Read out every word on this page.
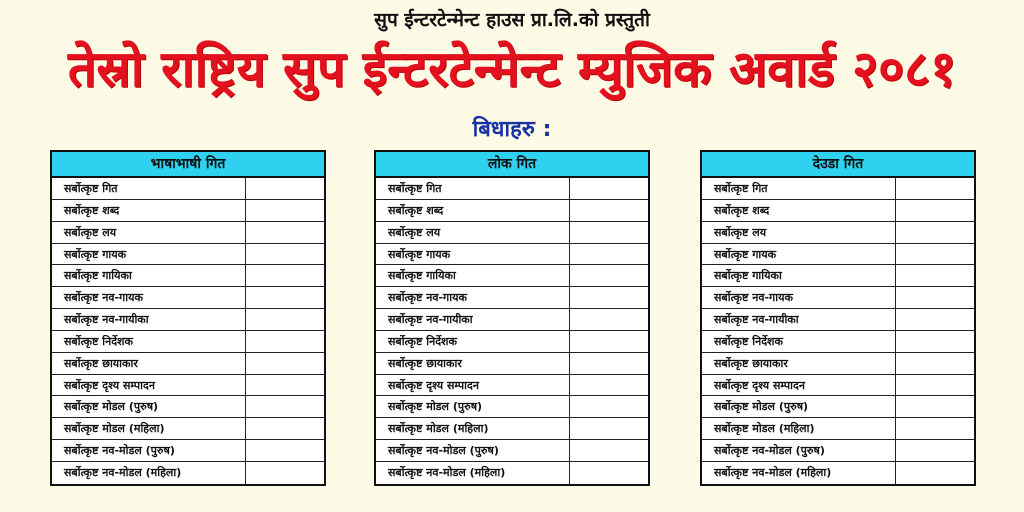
सुप ईन्टरटेन्मेन्ट हाउस प्रा.लि.को प्रस्तुती
तेस्रो राष्ट्रिय सुप ईन्टरटेन्मेन्ट म्युजिक अवार्ड २०८१
बिधाहरु :
भाषाभाषी गित
सर्बोत्कृष्ट गित
सर्बोत्कृष्ट शब्द
सर्बोत्कृष्ट लय
सर्बोत्कृष्ट गायक
सर्बोत्कृष्ट गायिका
सर्बोत्कृष्ट नव-गायक
सर्बोत्कृष्ट नव-गायीका
सर्बोत्कृष्ट निर्देशक
सर्बोत्कृष्ट छायाकार
सर्बोत्कृष्ट दृश्य सम्पादन
सर्बोत्कृष्ट मोडल (पुरुष)
सर्बोत्कृष्ट मोडल (महिला)
सर्बोत्कृष्ट नव-मोडल (पुरुष)
सर्बोत्कृष्ट नव-मोडल (महिला)
लोक गित
सर्बोत्कृष्ट गित
सर्बोत्कृष्ट शब्द
सर्बोत्कृष्ट लय
सर्बोत्कृष्ट गायक
सर्बोत्कृष्ट गायिका
सर्बोत्कृष्ट नव-गायक
सर्बोत्कृष्ट नव-गायीका
सर्बोत्कृष्ट निर्देशक
सर्बोत्कृष्ट छायाकार
सर्बोत्कृष्ट दृश्य सम्पादन
सर्बोत्कृष्ट मोडल (पुरुष)
सर्बोत्कृष्ट मोडल (महिला)
सर्बोत्कृष्ट नव-मोडल (पुरुष)
सर्बोत्कृष्ट नव-मोडल (महिला)
देउडा गित
सर्बोत्कृष्ट गित
सर्बोत्कृष्ट शब्द
सर्बोत्कृष्ट लय
सर्बोत्कृष्ट गायक
सर्बोत्कृष्ट गायिका
सर्बोत्कृष्ट नव-गायक
सर्बोत्कृष्ट नव-गायीका
सर्बोत्कृष्ट निर्देशक
सर्बोत्कृष्ट छायाकार
सर्बोत्कृष्ट दृश्य सम्पादन
सर्बोत्कृष्ट मोडल (पुरुष)
सर्बोत्कृष्ट मोडल (महिला)
सर्बोत्कृष्ट नव-मोडल (पुरुष)
सर्बोत्कृष्ट नव-मोडल (महिला)
